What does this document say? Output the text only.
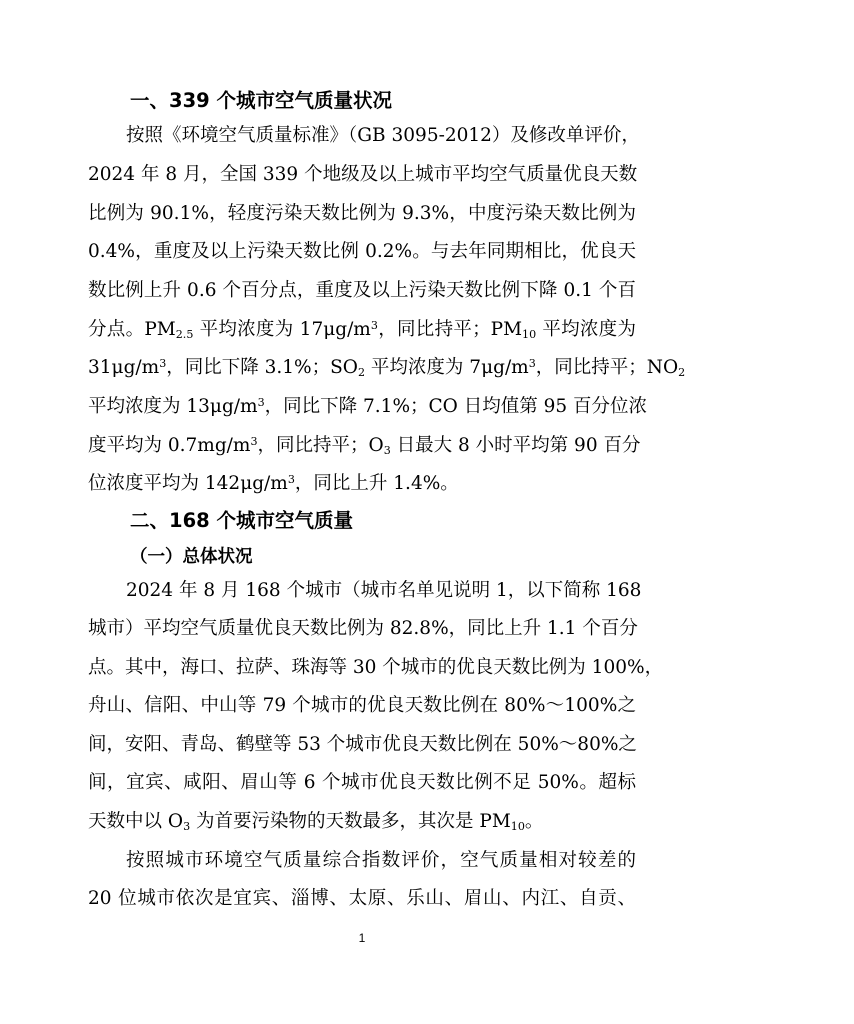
一、339 个城市空气质量状况

按照《环境空气质量标准》（GB 3095-2012）及修改单评价，

2024 年 8 月，全国 339 个地级及以上城市平均空气质量优良天数

比例为 90.1%，轻度污染天数比例为 9.3%，中度污染天数比例为

0.4%，重度及以上污染天数比例 0.2%。与去年同期相比，优良天

数比例上升 0.6 个百分点，重度及以上污染天数比例下降 0.1 个百

分点。$PM_{2.5}$ 平均浓度为 $17\mu g/m^3$，同比持平；$PM_{10}$ 平均浓度为

$31\mu g/m^3$，同比下降 3.1%；$SO_2$ 平均浓度为 $7\mu g/m^3$，同比持平；$NO_2$

平均浓度为 $13\mu g/m^3$，同比下降 7.1%；CO 日均值第 95 百分位浓

度平均为 $0.7mg/m^3$，同比持平；$O_3$ 日最大 8 小时平均第 90 百分

位浓度平均为 $142\mu g/m^3$，同比上升 1.4%。

二、168 个城市空气质量
（一）总体状况

2024 年 8 月 168 个城市（城市名单见说明 1，以下简称 168

城市）平均空气质量优良天数比例为 82.8%，同比上升 1.1 个百分

点。其中，海口、拉萨、珠海等 30 个城市的优良天数比例为 100%，

舟山、信阳、中山等 79 个城市的优良天数比例在 80%～100%之

间，安阳、青岛、鹤壁等 53 个城市优良天数比例在 50%～80%之

间，宜宾、咸阳、眉山等 6 个城市优良天数比例不足 50%。超标

天数中以 $O_3$ 为首要污染物的天数最多，其次是 $PM_{10}$。

按照城市环境空气质量综合指数评价，空气质量相对较差的

20 位城市依次是宜宾、淄博、太原、乐山、眉山、内江、自贡、

1
